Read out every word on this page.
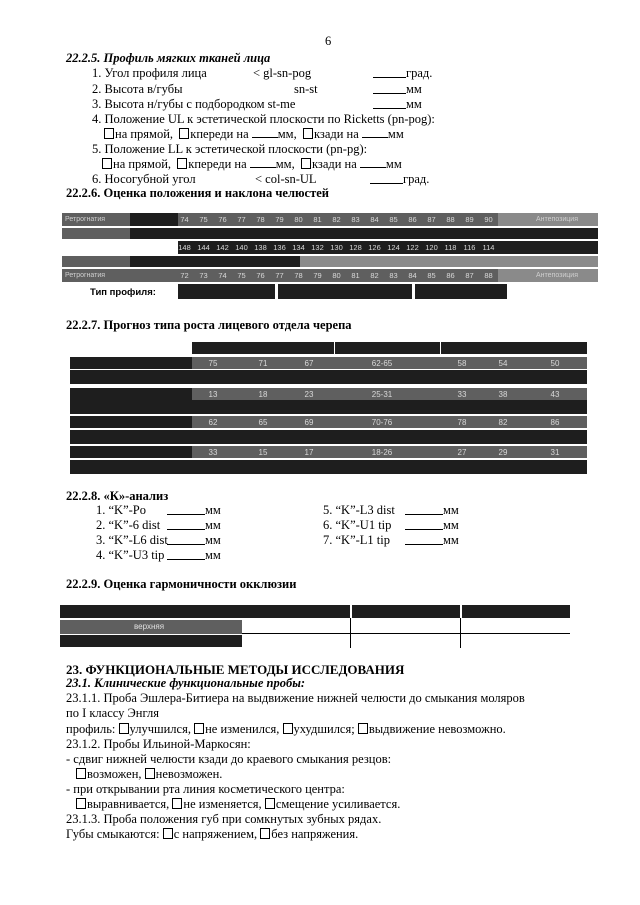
6
22.2.5. Профиль мягких тканей лица
1. Угол профиля лица	< gl-sn-pog	град.
2. Высота в/губы	sn-st	мм
3. Высота н/губы с подбородком st-me	мм
4. Положение UL к эстетической плоскости по Ricketts (pn-pog):
на прямой, кпереди на мм, кзади на мм
5. Положение LL к эстетической плоскости (pn-pg):
на прямой, кпереди на мм, кзади на мм
6. Носогубной угол	< col-sn-UL	град.
22.2.6. Оценка положения и наклона челюстей
Ретрогнатия	Антепозиция
74	75	76	77	78	79	80	81	82	83	84	85	86	87	88	89	90
148 144 142 140 138 136 134 132 130 128 126 124 122 120 118 116 114
Ретрогнатия	Антепозиция
72	73	74	75	76	77	78	79	80	81	82	83	84	85	86	87	88
Тип профиля:
22.2.7. Прогноз типа роста лицевого отдела черепа
75	71	67	62-65	58	54	50
13	18	23	25-31	33	38	43
62	65	69	70-76	78	82	86
33	15	17	18-26	27	29	31
22.2.8. «К»-анализ
1. “K”-Po	мм
2. “K”-6 dist	мм
3. “K”-L6 dist	мм
4. “K”-U3 tip	мм
5. “K”-L3 dist	мм
6. “K”-U1 tip	мм
7. “K”-L1 tip	мм
22.2.9. Оценка гармоничности окклюзии
верхняя
23. ФУНКЦИОНАЛЬНЫЕ МЕТОДЫ ИССЛЕДОВАНИЯ
23.1. Клинические функциональные пробы:
23.1.1. Проба Эшлера-Битиера на выдвижение нижней челюсти до смыкания моляров
по I классу Энгля
профиль: улучшился, не изменился, ухудшился; выдвижение невозможно.
23.1.2. Пробы Ильиной-Маркосян:
- сдвиг нижней челюсти кзади до краевого смыкания резцов:
возможен, невозможен.
- при открывании рта линия косметического центра:
выравнивается, не изменяется, смещение усиливается.
23.1.3. Проба положения губ при сомкнутых зубных рядах.
Губы смыкаются: с напряжением, без напряжения.
